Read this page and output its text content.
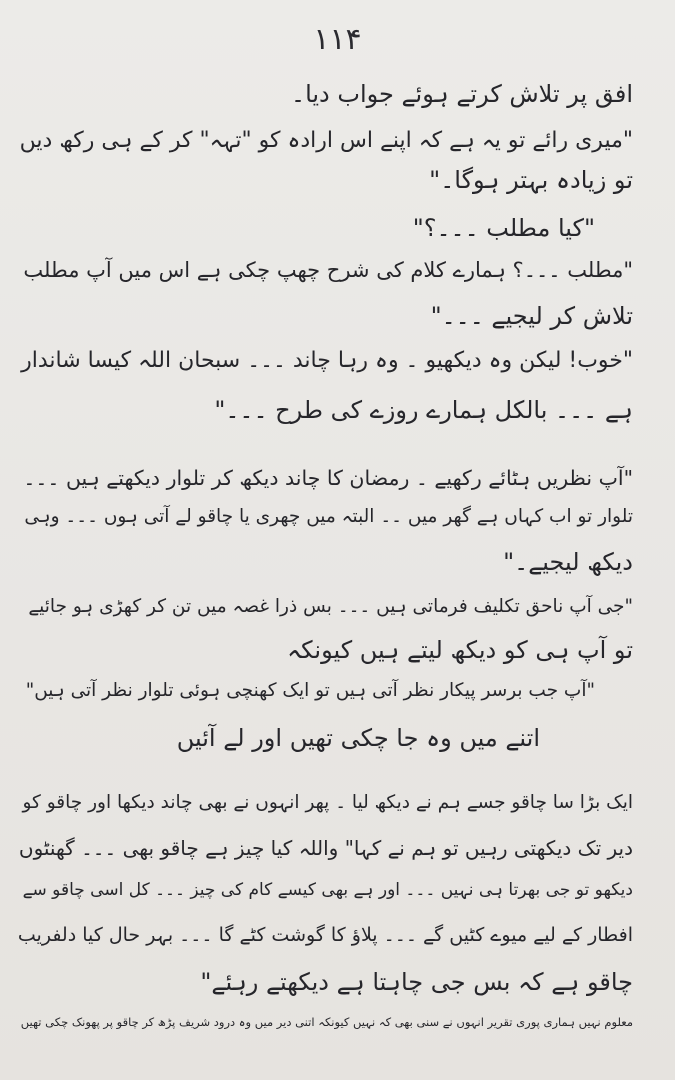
۱۱۴
افق پر تلاش کرتے ہوئے جواب دیا۔
"میری رائے تو یہ ہے کہ اپنے اس ارادہ کو "تہہ" کر کے ہی رکھ دیں
تو زیادہ بہتر ہوگا۔"
"کیا مطلب ۔۔۔؟"
"مطلب ۔۔۔؟ ہمارے کلام کی شرح چھپ چکی ہے اس میں آپ مطلب
تلاش کر لیجیے ۔۔۔"
"خوب! لیکن وہ دیکھیو ۔ وہ رہا چاند ۔۔۔ سبحان اللہ کیسا شاندار
ہے ۔۔۔ بالکل ہمارے روزے کی طرح ۔۔۔"
"آپ نظریں ہٹائے رکھیے ۔ رمضان کا چاند دیکھ کر تلوار دیکھتے ہیں ۔۔۔
تلوار تو اب کہاں ہے گھر میں ۔۔ البتہ میں چھری یا چاقو لے آتی ہوں ۔۔۔ وہی
دیکھ لیجیے۔"
"جی آپ ناحق تکلیف فرماتی ہیں ۔۔۔ بس ذرا غصہ میں تن کر کھڑی ہو جائیے
تو آپ ہی کو دیکھ لیتے ہیں کیونکہ
"آپ جب برسر پیکار نظر آتی ہیں تو ایک کھنچی ہوئی تلوار نظر آتی ہیں"
اتنے میں وہ جا چکی تھیں اور لے آئیں
ایک بڑا سا چاقو جسے ہم نے دیکھ لیا ۔ پھر انہوں نے بھی چاند دیکھا اور چاقو کو
دیر تک دیکھتی رہیں تو ہم نے کہا" واللہ کیا چیز ہے چاقو بھی ۔۔۔ گھنٹوں
دیکھو تو جی بھرتا ہی نہیں ۔۔۔ اور ہے بھی کیسے کام کی چیز ۔۔۔ کل اسی چاقو سے
افطار کے لیے میوے کٹیں گے ۔۔۔ پلاؤ کا گوشت کٹے گا ۔۔۔ بہر حال کیا دلفریب
چاقو ہے کہ بس جی چاہتا ہے دیکھتے رہئے"
معلوم نہیں ہماری پوری تقریر انہوں نے سنی بھی کہ نہیں کیونکہ اتنی دیر میں وہ درود شریف پڑھ کر چاقو پر پھونک چکی تھیں
